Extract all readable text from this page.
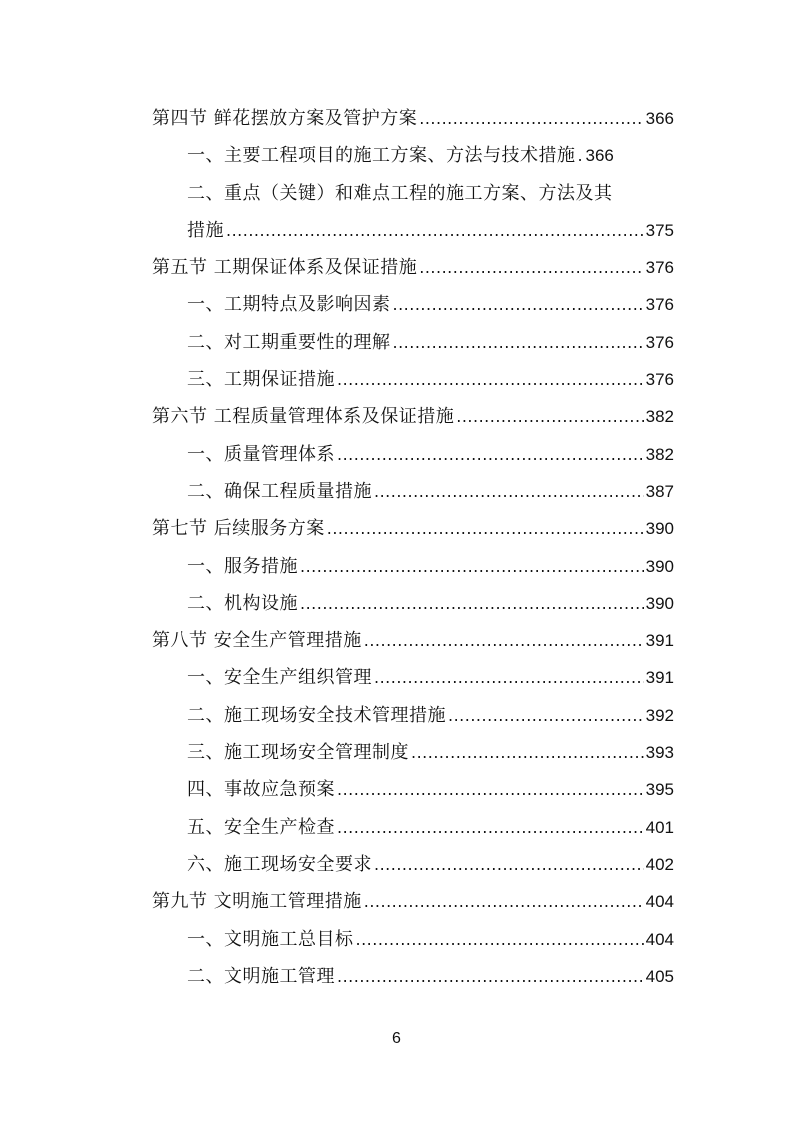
第四节 鲜花摆放方案及管护方案 .....	366
一、主要工程项目的施工方案、方法与技术措施 ..... 366
二、重点（关键）和难点工程的施工方案、方法及其
措施 .....	375
第五节 工期保证体系及保证措施 .....	376
一、工期特点及影响因素 .....	376
二、对工期重要性的理解 .....	376
三、工期保证措施 .....	376
第六节 工程质量管理体系及保证措施 .....	382
一、质量管理体系 .....	382
二、确保工程质量措施 .....	387
第七节 后续服务方案 .....	390
一、服务措施 .....	390
二、机构设施 .....	390
第八节 安全生产管理措施 .....	391
一、安全生产组织管理 .....	391
二、施工现场安全技术管理措施 .....	392
三、施工现场安全管理制度 .....	393
四、事故应急预案 .....	395
五、安全生产检查 .....	401
六、施工现场安全要求 .....	402
第九节 文明施工管理措施 .....	404
一、文明施工总目标 .....	404
二、文明施工管理 .....	405
6
